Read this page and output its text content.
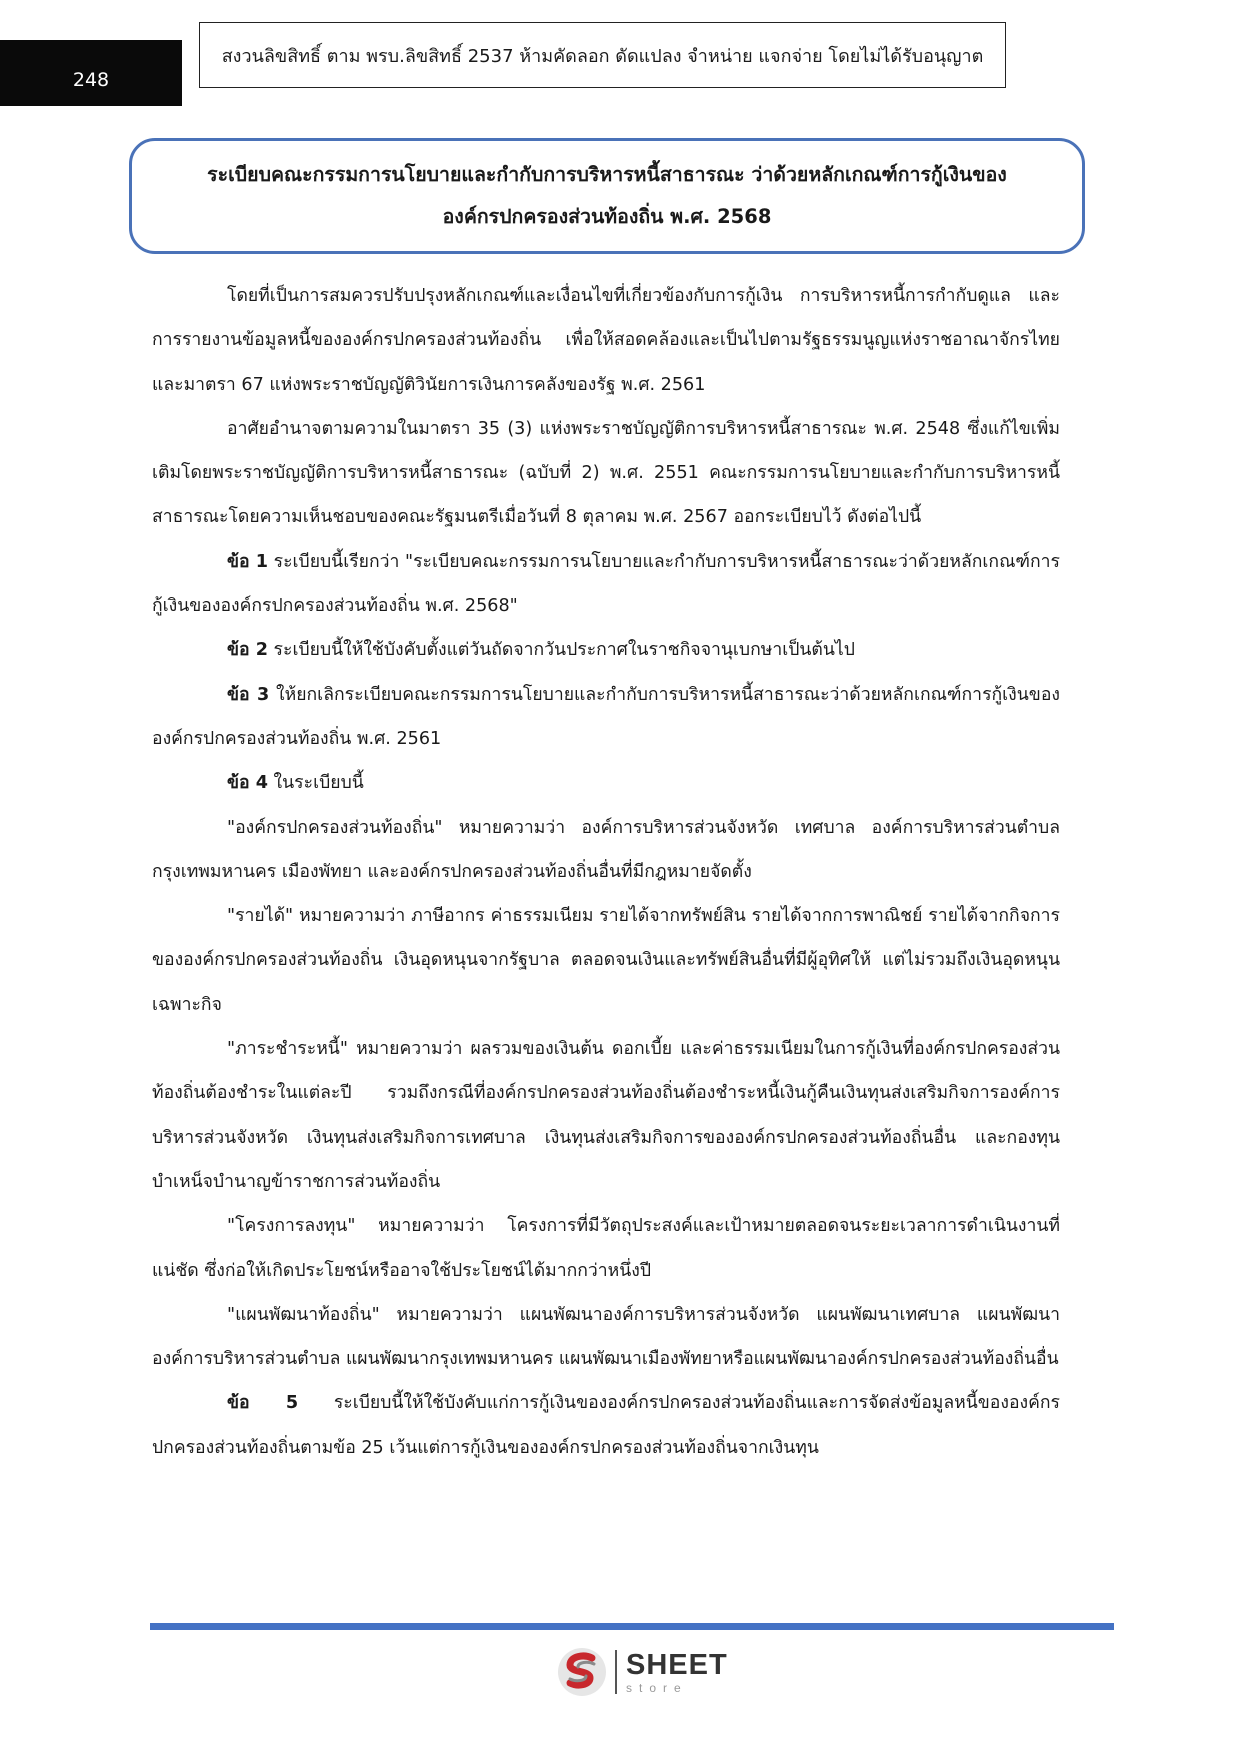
248
สงวนลิขสิทธิ์ ตาม พรบ.ลิขสิทธิ์ 2537 ห้ามคัดลอก ดัดแปลง จำหน่าย แจกจ่าย โดยไม่ได้รับอนุญาต
ระเบียบคณะกรรมการนโยบายและกำกับการบริหารหนี้สาธารณะ ว่าด้วยหลักเกณฑ์การกู้เงินของ
องค์กรปกครองส่วนท้องถิ่น พ.ศ. 2568

โดยที่เป็นการสมควรปรับปรุงหลักเกณฑ์และเงื่อนไขที่เกี่ยวข้องกับการกู้เงิน การบริหารหนี้การกำกับดูแล และการรายงานข้อมูลหนี้ขององค์กรปกครองส่วนท้องถิ่น เพื่อให้สอดคล้องและเป็นไปตามรัฐธรรมนูญแห่งราชอาณาจักรไทย และมาตรา 67 แห่งพระราชบัญญัติวินัยการเงินการคลังของรัฐ พ.ศ. 2561

อาศัยอำนาจตามความในมาตรา 35 (3) แห่งพระราชบัญญัติการบริหารหนี้สาธารณะ พ.ศ. 2548 ซึ่งแก้ไขเพิ่มเติมโดยพระราชบัญญัติการบริหารหนี้สาธารณะ (ฉบับที่ 2) พ.ศ. 2551 คณะกรรมการนโยบายและกำกับการบริหารหนี้สาธารณะโดยความเห็นชอบของคณะรัฐมนตรีเมื่อวันที่ 8 ตุลาคม พ.ศ. 2567 ออกระเบียบไว้ ดังต่อไปนี้

ข้อ 1 ระเบียบนี้เรียกว่า "ระเบียบคณะกรรมการนโยบายและกำกับการบริหารหนี้สาธารณะว่าด้วยหลักเกณฑ์การกู้เงินขององค์กรปกครองส่วนท้องถิ่น พ.ศ. 2568"

ข้อ 2 ระเบียบนี้ให้ใช้บังคับตั้งแต่วันถัดจากวันประกาศในราชกิจจานุเบกษาเป็นต้นไป

ข้อ 3 ให้ยกเลิกระเบียบคณะกรรมการนโยบายและกำกับการบริหารหนี้สาธารณะว่าด้วยหลักเกณฑ์การกู้เงินขององค์กรปกครองส่วนท้องถิ่น พ.ศ. 2561

ข้อ 4 ในระเบียบนี้

"องค์กรปกครองส่วนท้องถิ่น" หมายความว่า องค์การบริหารส่วนจังหวัด เทศบาล องค์การบริหารส่วนตำบล กรุงเทพมหานคร เมืองพัทยา และองค์กรปกครองส่วนท้องถิ่นอื่นที่มีกฎหมายจัดตั้ง

"รายได้" หมายความว่า ภาษีอากร ค่าธรรมเนียม รายได้จากทรัพย์สิน รายได้จากการพาณิชย์ รายได้จากกิจการขององค์กรปกครองส่วนท้องถิ่น เงินอุดหนุนจากรัฐบาล ตลอดจนเงินและทรัพย์สินอื่นที่มีผู้อุทิศให้ แต่ไม่รวมถึงเงินอุดหนุนเฉพาะกิจ

"ภาระชำระหนี้" หมายความว่า ผลรวมของเงินต้น ดอกเบี้ย และค่าธรรมเนียมในการกู้เงินที่องค์กรปกครองส่วนท้องถิ่นต้องชำระในแต่ละปี รวมถึงกรณีที่องค์กรปกครองส่วนท้องถิ่นต้องชำระหนี้เงินกู้คืนเงินทุนส่งเสริมกิจการองค์การบริหารส่วนจังหวัด เงินทุนส่งเสริมกิจการเทศบาล เงินทุนส่งเสริมกิจการขององค์กรปกครองส่วนท้องถิ่นอื่น และกองทุนบำเหน็จบำนาญข้าราชการส่วนท้องถิ่น

"โครงการลงทุน" หมายความว่า โครงการที่มีวัตถุประสงค์และเป้าหมายตลอดจนระยะเวลาการดำเนินงานที่แน่ชัด ซึ่งก่อให้เกิดประโยชน์หรืออาจใช้ประโยชน์ได้มากกว่าหนึ่งปี

"แผนพัฒนาท้องถิ่น" หมายความว่า แผนพัฒนาองค์การบริหารส่วนจังหวัด แผนพัฒนาเทศบาล แผนพัฒนาองค์การบริหารส่วนตำบล แผนพัฒนากรุงเทพมหานคร แผนพัฒนาเมืองพัทยาหรือแผนพัฒนาองค์กรปกครองส่วนท้องถิ่นอื่น

ข้อ 5 ระเบียบนี้ให้ใช้บังคับแก่การกู้เงินขององค์กรปกครองส่วนท้องถิ่นและการจัดส่งข้อมูลหนี้ขององค์กรปกครองส่วนท้องถิ่นตามข้อ 25 เว้นแต่การกู้เงินขององค์กรปกครองส่วนท้องถิ่นจากเงินทุน

SHEET
store
